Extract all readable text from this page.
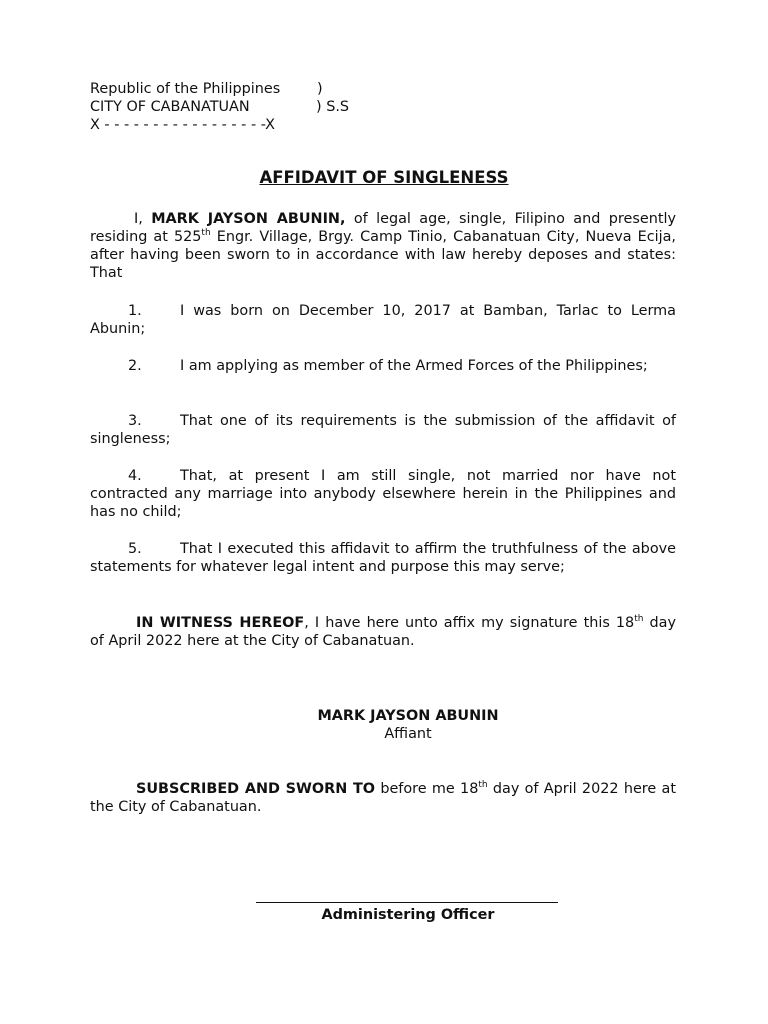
Republic of the Philippines	)
CITY OF CABANATUAN	) S.S
X - - - - - - - - - - - - - - - - -X
AFFIDAVIT OF SINGLENESS
I, MARK JAYSON ABUNIN, of legal age, single, Filipino and presently residing at 525th Engr. Village, Brgy. Camp Tinio, Cabanatuan City, Nueva Ecija, after having been sworn to in accordance with law hereby deposes and states: That
1.	I was born on December 10, 2017 at Bamban, Tarlac to Lerma Abunin;
2.	I am applying as member of the Armed Forces of the Philippines;
3.	That one of its requirements is the submission of the affidavit of singleness;
4.	That, at present I am still single, not married nor have not contracted any marriage into anybody elsewhere herein in the Philippines and has no child;
5.	That I executed this affidavit to affirm the truthfulness of the above statements for whatever legal intent and purpose this may serve;
IN WITNESS HEREOF, I have here unto affix my signature this 18th day of April 2022 here at the City of Cabanatuan.
MARK JAYSON ABUNIN
Affiant
SUBSCRIBED AND SWORN TO before me 18th day of April 2022 here at the City of Cabanatuan.
Administering Officer
